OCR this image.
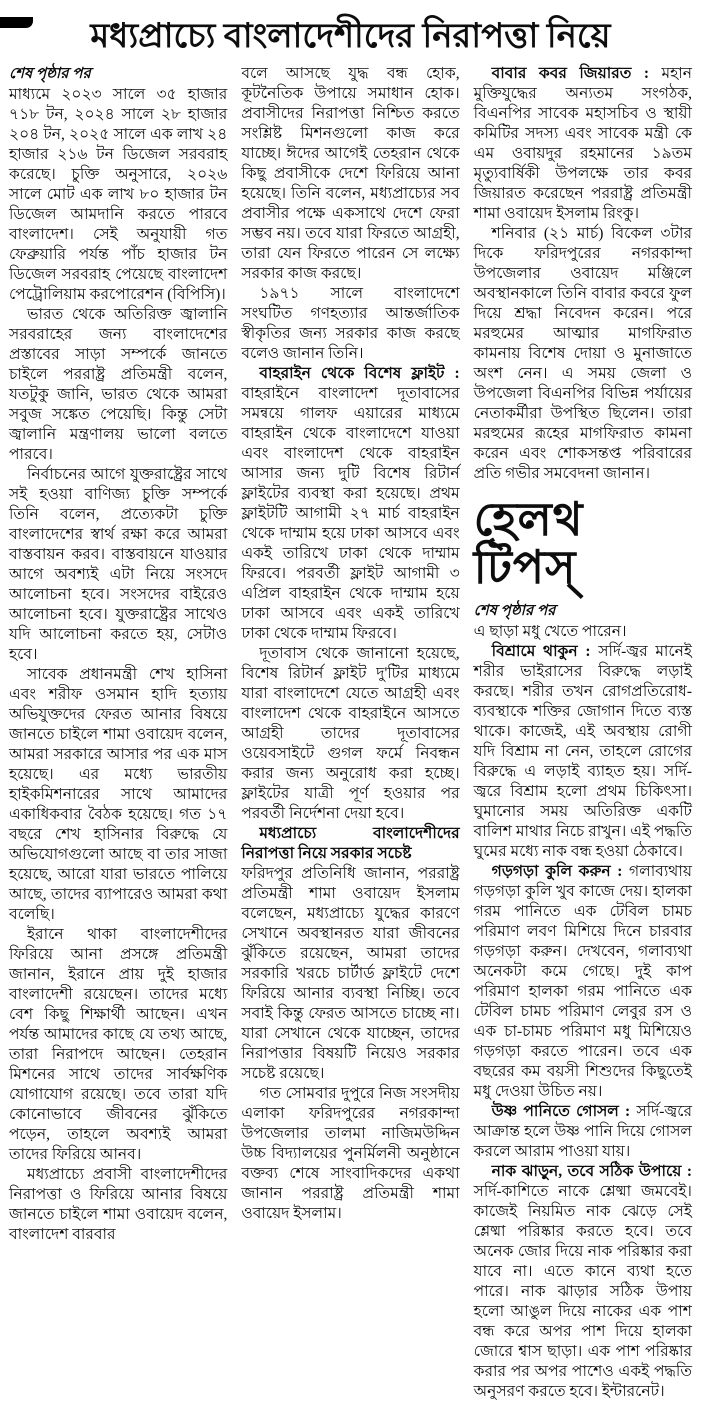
মধ্যপ্রাচ্যে বাংলাদেশীদের নিরাপত্তা নিয়ে

শেষ পৃষ্ঠার পর

মাধ্যমে ২০২৩ সালে ৩৫ হাজার ৭১৮ টন, ২০২৪ সালে ২৮ হাজার ২০৪ টন, ২০২৫ সালে এক লাখ ২৪ হাজার ২১৬ টন ডিজেল সরবরাহ করেছে। চুক্তি অনুসারে, ২০২৬ সালে মোট এক লাখ ৮০ হাজার টন ডিজেল আমদানি করতে পারবে বাংলাদেশ। সেই অনুযায়ী গত ফেব্রুয়ারি পর্যন্ত পাঁচ হাজার টন ডিজেল সরবরাহ পেয়েছে বাংলাদেশ পেট্রোলিয়াম করপোরেশন (বিপিসি)।

ভারত থেকে অতিরিক্ত জ্বালানি সরবরাহের জন্য বাংলাদেশের প্রস্তাবের সাড়া সম্পর্কে জানতে চাইলে পররাষ্ট্র প্রতিমন্ত্রী বলেন, যতটুকু জানি, ভারত থেকে আমরা সবুজ সঙ্কেত পেয়েছি। কিন্তু সেটা জ্বালানি মন্ত্রণালয় ভালো বলতে পারবে।

নির্বাচনের আগে যুক্তরাষ্ট্রের সাথে সই হওয়া বাণিজ্য চুক্তি সম্পর্কে তিনি বলেন, প্রত্যেকটা চুক্তি বাংলাদেশের স্বার্থ রক্ষা করে আমরা বাস্তবায়ন করব। বাস্তবায়নে যাওয়ার আগে অবশ্যই এটা নিয়ে সংসদে আলোচনা হবে। সংসদের বাইরেও আলোচনা হবে। যুক্তরাষ্ট্রের সাথেও যদি আলোচনা করতে হয়, সেটাও হবে।

সাবেক প্রধানমন্ত্রী শেখ হাসিনা এবং শরীফ ওসমান হাদি হত্যায় অভিযুক্তদের ফেরত আনার বিষয়ে জানতে চাইলে শামা ওবায়েদ বলেন, আমরা সরকারে আসার পর এক মাস হয়েছে। এর মধ্যে ভারতীয় হাইকমিশনারের সাথে আমাদের একাধিকবার বৈঠক হয়েছে। গত ১৭ বছরে শেখ হাসিনার বিরুদ্ধে যে অভিযোগগুলো আছে বা তার সাজা হয়েছে, আরো যারা ভারতে পালিয়ে আছে, তাদের ব্যাপারেও আমরা কথা বলেছি।

ইরানে থাকা বাংলাদেশীদের ফিরিয়ে আনা প্রসঙ্গে প্রতিমন্ত্রী জানান, ইরানে প্রায় দুই হাজার বাংলাদেশী রয়েছেন। তাদের মধ্যে বেশ কিছু শিক্ষার্থী আছেন। এখন পর্যন্ত আমাদের কাছে যে তথ্য আছে, তারা নিরাপদে আছেন। তেহরান মিশনের সাথে তাদের সার্বক্ষণিক যোগাযোগ রয়েছে। তবে তারা যদি কোনোভাবে জীবনের ঝুঁকিতে পড়েন, তাহলে অবশ্যই আমরা তাদের ফিরিয়ে আনব।

মধ্যপ্রাচ্যে প্রবাসী বাংলাদেশীদের নিরাপত্তা ও ফিরিয়ে আনার বিষয়ে জানতে চাইলে শামা ওবায়েদ বলেন, বাংলাদেশ বারবার

বলে আসছে যুদ্ধ বন্ধ হোক, কূটনৈতিক উপায়ে সমাধান হোক। প্রবাসীদের নিরাপত্তা নিশ্চিত করতে সংশ্লিষ্ট মিশনগুলো কাজ করে যাচ্ছে। ঈদের আগেই তেহরান থেকে কিছু প্রবাসীকে দেশে ফিরিয়ে আনা হয়েছে। তিনি বলেন, মধ্যপ্রাচ্যের সব প্রবাসীর পক্ষে একসাথে দেশে ফেরা সম্ভব নয়। তবে যারা ফিরতে আগ্রহী, তারা যেন ফিরতে পারেন সে লক্ষ্যে সরকার কাজ করছে।

১৯৭১ সালে বাংলাদেশে সংঘটিত গণহত্যার আন্তর্জাতিক স্বীকৃতির জন্য সরকার কাজ করছে বলেও জানান তিনি।

বাহরাইন থেকে বিশেষ ফ্লাইট : বাহরাইনে বাংলাদেশ দূতাবাসের সমন্বয়ে গালফ এয়ারের মাধ্যমে বাহরাইন থেকে বাংলাদেশে যাওয়া এবং বাংলাদেশ থেকে বাহরাইন আসার জন্য দুটি বিশেষ রিটার্ন ফ্লাইটের ব্যবস্থা করা হয়েছে। প্রথম ফ্লাইটটি আগামী ২৭ মার্চ বাহরাইন থেকে দাম্মাম হয়ে ঢাকা আসবে এবং একই তারিখে ঢাকা থেকে দাম্মাম ফিরবে। পরবর্তী ফ্লাইট আগামী ৩ এপ্রিল বাহরাইন থেকে দাম্মাম হয়ে ঢাকা আসবে এবং একই তারিখে ঢাকা থেকে দাম্মাম ফিরবে।

দূতাবাস থেকে জানানো হয়েছে, বিশেষ রিটার্ন ফ্লাইট দু'টির মাধ্যমে যারা বাংলাদেশে যেতে আগ্রহী এবং বাংলাদেশ থেকে বাহরাইনে আসতে আগ্রহী তাদের দূতাবাসের ওয়েবসাইটে গুগল ফর্মে নিবন্ধন করার জন্য অনুরোধ করা হচ্ছে। ফ্লাইটের যাত্রী পূর্ণ হওয়ার পর পরবর্তী নির্দেশনা দেয়া হবে।

মধ্যপ্রাচ্যে বাংলাদেশীদের নিরাপত্তা নিয়ে সরকার সচেষ্ট

ফরিদপুর প্রতিনিধি জানান, পররাষ্ট্র প্রতিমন্ত্রী শামা ওবায়েদ ইসলাম বলেছেন, মধ্যপ্রাচ্যে যুদ্ধের কারণে সেখানে অবস্থানরত যারা জীবনের ঝুঁকিতে রয়েছেন, আমরা তাদের সরকারি খরচে চার্টার্ড ফ্লাইটে দেশে ফিরিয়ে আনার ব্যবস্থা নিচ্ছি। তবে সবাই কিন্তু ফেরত আসতে চাচ্ছে না। যারা সেখানে থেকে যাচ্ছেন, তাদের নিরাপত্তার বিষয়টি নিয়েও সরকার সচেষ্ট রয়েছে।

গত সোমবার দুপুরে নিজ সংসদীয় এলাকা ফরিদপুরের নগরকান্দা উপজেলার তালমা নাজিমউদ্দিন উচ্চ বিদ্যালয়ের পুনর্মিলনী অনুষ্ঠানে বক্তব্য শেষে সাংবাদিকদের একথা জানান পররাষ্ট্র প্রতিমন্ত্রী শামা ওবায়েদ ইসলাম।

বাবার কবর জিয়ারত : মহান মুক্তিযুদ্ধের অন্যতম সংগঠক, বিএনপির সাবেক মহাসচিব ও স্থায়ী কমিটির সদস্য এবং সাবেক মন্ত্রী কে এম ওবায়দুর রহমানের ১৯তম মৃত্যুবার্ষিকী উপলক্ষে তার কবর জিয়ারত করেছেন পররাষ্ট্র প্রতিমন্ত্রী শামা ওবায়েদ ইসলাম রিংকু।

শনিবার (২১ মার্চ) বিকেল ৩টার দিকে ফরিদপুরের নগরকান্দা উপজেলার ওবায়েদ মঞ্জিলে অবস্থানকালে তিনি বাবার কবরে ফুল দিয়ে শ্রদ্ধা নিবেদন করেন। পরে মরহুমের আত্মার মাগফিরাত কামনায় বিশেষ দোয়া ও মুনাজাতে অংশ নেন। এ সময় জেলা ও উপজেলা বিএনপির বিভিন্ন পর্যায়ের নেতাকর্মীরা উপস্থিত ছিলেন। তারা মরহুমের রূহের মাগফিরাত কামনা করেন এবং শোকসন্তপ্ত পরিবারের প্রতি গভীর সমবেদনা জানান।

হেলথ টিপস্

শেষ পৃষ্ঠার পর

এ ছাড়া মধু খেতে পারেন।

বিশ্রামে থাকুন : সর্দি-জ্বর মানেই শরীর ভাইরাসের বিরুদ্ধে লড়াই করছে। শরীর তখন রোগপ্রতিরোধ-ব্যবস্থাকে শক্তির জোগান দিতে ব্যস্ত থাকে। কাজেই, এই অবস্থায় রোগী যদি বিশ্রাম না নেন, তাহলে রোগের বিরুদ্ধে এ লড়াই ব্যাহত হয়। সর্দি-জ্বরে বিশ্রাম হলো প্রথম চিকিৎসা। ঘুমানোর সময় অতিরিক্ত একটি বালিশ মাথার নিচে রাখুন। এই পদ্ধতি ঘুমের মধ্যে নাক বন্ধ হওয়া ঠেকাবে।

গড়গড়া কুলি করুন : গলাব্যথায় গড়গড়া কুলি খুব কাজে দেয়। হালকা গরম পানিতে এক টেবিল চামচ পরিমাণ লবণ মিশিয়ে দিনে চারবার গড়গড়া করুন। দেখবেন, গলাব্যথা অনেকটা কমে গেছে। দুই কাপ পরিমাণ হালকা গরম পানিতে এক টেবিল চামচ পরিমাণ লেবুর রস ও এক চা-চামচ পরিমাণ মধু মিশিয়েও গড়গড়া করতে পারেন। তবে এক বছরের কম বয়সী শিশুদের কিছুতেই মধু দেওয়া উচিত নয়।

উষ্ণ পানিতে গোসল : সর্দি-জ্বরে আক্রান্ত হলে উষ্ণ পানি দিয়ে গোসল করলে আরাম পাওয়া যায়।

নাক ঝাড়ুন, তবে সঠিক উপায়ে : সর্দি-কাশিতে নাকে শ্লেষ্মা জমবেই। কাজেই নিয়মিত নাক ঝেড়ে সেই শ্লেষ্মা পরিষ্কার করতে হবে। তবে অনেক জোর দিয়ে নাক পরিষ্কার করা যাবে না। এতে কানে ব্যথা হতে পারে। নাক ঝাড়ার সঠিক উপায় হলো আঙুল দিয়ে নাকের এক পাশ বন্ধ করে অপর পাশ দিয়ে হালকা জোরে শ্বাস ছাড়া। এক পাশ পরিষ্কার করার পর অপর পাশেও একই পদ্ধতি অনুসরণ করতে হবে। ইন্টারনেট।
